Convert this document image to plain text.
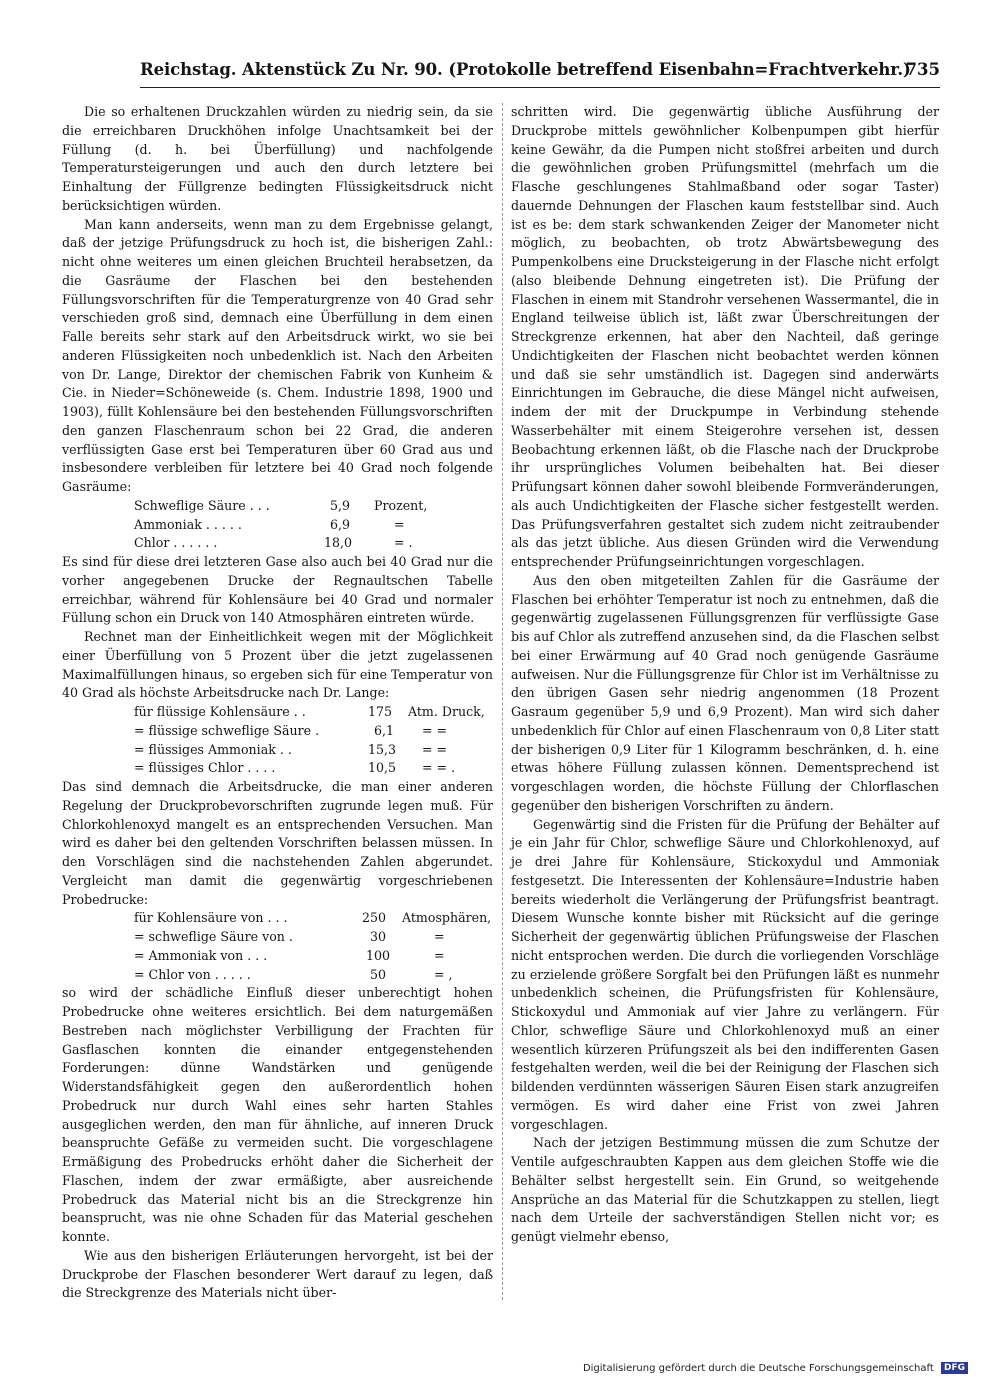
Reichstag. Aktenstück Zu Nr. 90. (Protokolle betreffend Eisenbahn=Frachtverkehr.)
735

Die so erhaltenen Druckzahlen würden zu niedrig sein, da sie die erreichbaren Druckhöhen infolge Unachtsamkeit bei der Füllung (d. h. bei Überfüllung) und nachfolgende Temperatursteigerungen und auch den durch letztere bei Einhaltung der Füllgrenze bedingten Flüssigkeitsdruck nicht berücksichtigen würden.

Man kann anderseits, wenn man zu dem Ergebnisse gelangt, daß der jetzige Prüfungsdruck zu hoch ist, die bisherigen Zahl.: nicht ohne weiteres um einen gleichen Bruchteil herabsetzen, da die Gasräume der Flaschen bei den bestehenden Füllungsvorschriften für die Temperaturgrenze von 40 Grad sehr verschieden groß sind, demnach eine Überfüllung in dem einen Falle bereits sehr stark auf den Arbeitsdruck wirkt, wo sie bei anderen Flüssigkeiten noch unbedenklich ist. Nach den Arbeiten von Dr. Lange, Direktor der chemischen Fabrik von Kunheim & Cie. in Nieder=Schöneweide (s. Chem. Industrie 1898, 1900 und 1903), füllt Kohlensäure bei den bestehenden Füllungsvorschriften den ganzen Flaschenraum schon bei 22 Grad, die anderen verflüssigten Gase erst bei Temperaturen über 60 Grad aus und insbesondere verbleiben für letztere bei 40 Grad noch folgende Gasräume:

Schweflige Säure . . .	5,9 Prozent,
Ammoniak . . . . .	6,9	=
Chlor . . . . . .	18,0	= .

Es sind für diese drei letzteren Gase also auch bei 40 Grad nur die vorher angegebenen Drucke der Regnaultschen Tabelle erreichbar, während für Kohlensäure bei 40 Grad und normaler Füllung schon ein Druck von 140 Atmosphären eintreten würde.

Rechnet man der Einheitlichkeit wegen mit der Möglichkeit einer Überfüllung von 5 Prozent über die jetzt zugelassenen Maximalfüllungen hinaus, so ergeben sich für eine Temperatur von 40 Grad als höchste Arbeitsdrucke nach Dr. Lange:

für flüssige Kohlensäure . .	175 Atm. Druck,
= flüssige schweflige Säure .	6,1 = =
= flüssiges Ammoniak . .	15,3 = =
= flüssiges Chlor . . . .	10,5 = = .

Das sind demnach die Arbeitsdrucke, die man einer anderen Regelung der Druckprobevorschriften zugrunde legen muß. Für Chlorkohlenoxyd mangelt es an entsprechenden Versuchen. Man wird es daher bei den geltenden Vorschriften belassen müssen. In den Vorschlägen sind die nachstehenden Zahlen abgerundet. Vergleicht man damit die gegenwärtig vorgeschriebenen Probedrucke:

für Kohlensäure von . . .	250 Atmosphären,
= schweflige Säure von .	30	=
= Ammoniak von . . .	100	=
= Chlor von . . . . .	50	= ,

so wird der schädliche Einfluß dieser unberechtigt hohen Probedrucke ohne weiteres ersichtlich. Bei dem naturgemäßen Bestreben nach möglichster Verbilligung der Frachten für Gasflaschen konnten die einander entgegenstehenden Forderungen: dünne Wandstärken und genügende Widerstandsfähigkeit gegen den außerordentlich hohen Probedruck nur durch Wahl eines sehr harten Stahles ausgeglichen werden, den man für ähnliche, auf inneren Druck beanspruchte Gefäße zu vermeiden sucht. Die vorgeschlagene Ermäßigung des Probedrucks erhöht daher die Sicherheit der Flaschen, indem der zwar ermäßigte, aber ausreichende Probedruck das Material nicht bis an die Streckgrenze hin beansprucht, was nie ohne Schaden für das Material geschehen konnte.

Wie aus den bisherigen Erläuterungen hervorgeht, ist bei der Druckprobe der Flaschen besonderer Wert darauf zu legen, daß die Streckgrenze des Materials nicht über-

schritten wird. Die gegenwärtig übliche Ausführung der Druckprobe mittels gewöhnlicher Kolbenpumpen gibt hierfür keine Gewähr, da die Pumpen nicht stoßfrei arbeiten und durch die gewöhnlichen groben Prüfungsmittel (mehrfach um die Flasche geschlungenes Stahlmaßband oder sogar Taster) dauernde Dehnungen der Flaschen kaum feststellbar sind. Auch ist es be: dem stark schwankenden Zeiger der Manometer nicht möglich, zu beobachten, ob trotz Abwärtsbewegung des Pumpenkolbens eine Drucksteigerung in der Flasche nicht erfolgt (also bleibende Dehnung eingetreten ist). Die Prüfung der Flaschen in einem mit Standrohr versehenen Wassermantel, die in England teilweise üblich ist, läßt zwar Überschreitungen der Streckgrenze erkennen, hat aber den Nachteil, daß geringe Undichtigkeiten der Flaschen nicht beobachtet werden können und daß sie sehr umständlich ist. Dagegen sind anderwärts Einrichtungen im Gebrauche, die diese Mängel nicht aufweisen, indem der mit der Druckpumpe in Verbindung stehende Wasserbehälter mit einem Steigerohre versehen ist, dessen Beobachtung erkennen läßt, ob die Flasche nach der Druckprobe ihr ursprüngliches Volumen beibehalten hat. Bei dieser Prüfungsart können daher sowohl bleibende Formveränderungen, als auch Undichtigkeiten der Flasche sicher festgestellt werden. Das Prüfungsverfahren gestaltet sich zudem nicht zeitraubender als das jetzt übliche. Aus diesen Gründen wird die Verwendung entsprechender Prüfungseinrichtungen vorgeschlagen.

Aus den oben mitgeteilten Zahlen für die Gasräume der Flaschen bei erhöhter Temperatur ist noch zu entnehmen, daß die gegenwärtig zugelassenen Füllungsgrenzen für verflüssigte Gase bis auf Chlor als zutreffend anzusehen sind, da die Flaschen selbst bei einer Erwärmung auf 40 Grad noch genügende Gasräume aufweisen. Nur die Füllungsgrenze für Chlor ist im Verhältnisse zu den übrigen Gasen sehr niedrig angenommen (18 Prozent Gasraum gegenüber 5,9 und 6,9 Prozent). Man wird sich daher unbedenklich für Chlor auf einen Flaschenraum von 0,8 Liter statt der bisherigen 0,9 Liter für 1 Kilogramm beschränken, d. h. eine etwas höhere Füllung zulassen können. Dementsprechend ist vorgeschlagen worden, die höchste Füllung der Chlorflaschen gegenüber den bisherigen Vorschriften zu ändern.

Gegenwärtig sind die Fristen für die Prüfung der Behälter auf je ein Jahr für Chlor, schweflige Säure und Chlorkohlenoxyd, auf je drei Jahre für Kohlensäure, Stickoxydul und Ammoniak festgesetzt. Die Interessenten der Kohlensäure=Industrie haben bereits wiederholt die Verlängerung der Prüfungsfrist beantragt. Diesem Wunsche konnte bisher mit Rücksicht auf die geringe Sicherheit der gegenwärtig üblichen Prüfungsweise der Flaschen nicht entsprochen werden. Die durch die vorliegenden Vorschläge zu erzielende größere Sorgfalt bei den Prüfungen läßt es nunmehr unbedenklich scheinen, die Prüfungsfristen für Kohlensäure, Stickoxydul und Ammoniak auf vier Jahre zu verlängern. Für Chlor, schweflige Säure und Chlorkohlenoxyd muß an einer wesentlich kürzeren Prüfungszeit als bei den indifferenten Gasen festgehalten werden, weil die bei der Reinigung der Flaschen sich bildenden verdünnten wässerigen Säuren Eisen stark anzugreifen vermögen. Es wird daher eine Frist von zwei Jahren vorgeschlagen.

Nach der jetzigen Bestimmung müssen die zum Schutze der Ventile aufgeschraubten Kappen aus dem gleichen Stoffe wie die Behälter selbst hergestellt sein. Ein Grund, so weitgehende Ansprüche an das Material für die Schutzkappen zu stellen, liegt nach dem Urteile der sachverständigen Stellen nicht vor; es genügt vielmehr ebenso,

Digitalisierung gefördert durch die Deutsche Forschungsgemeinschaft DFG
